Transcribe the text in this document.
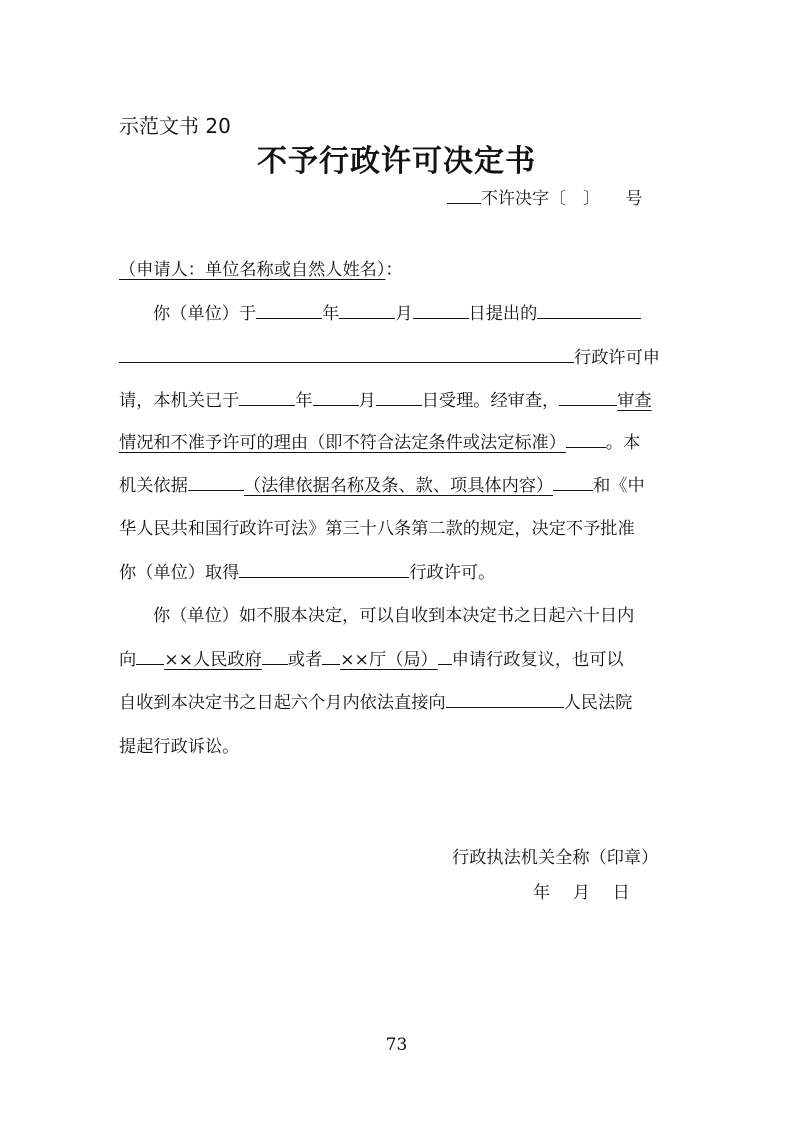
示范文书 20
不予行政许可决定书
不许决字〔　〕　　号
（申请人：单位名称或自然人姓名）：
你（单位）于	年	月	日提出的
行政许可申
请，本机关已于	年	月	日受理。经审查，	审查
情况和不准予许可的理由（即不符合法定条件或法定标准） 。本
机关依据	（法律依据名称及条、款、项具体内容） 和《中
华人民共和国行政许可法》第三十八条第二款的规定，决定不予批准
你（单位）取得	行政许可。
你（单位）如不服本决定，可以自收到本决定书之日起六十日内
向 ××人民政府 或者 ××厅（局） 申请行政复议，也可以
自收到本决定书之日起六个月内依法直接向	人民法院
提起行政诉讼。
行政执法机关全称（印章）
年　 月　 日
73
